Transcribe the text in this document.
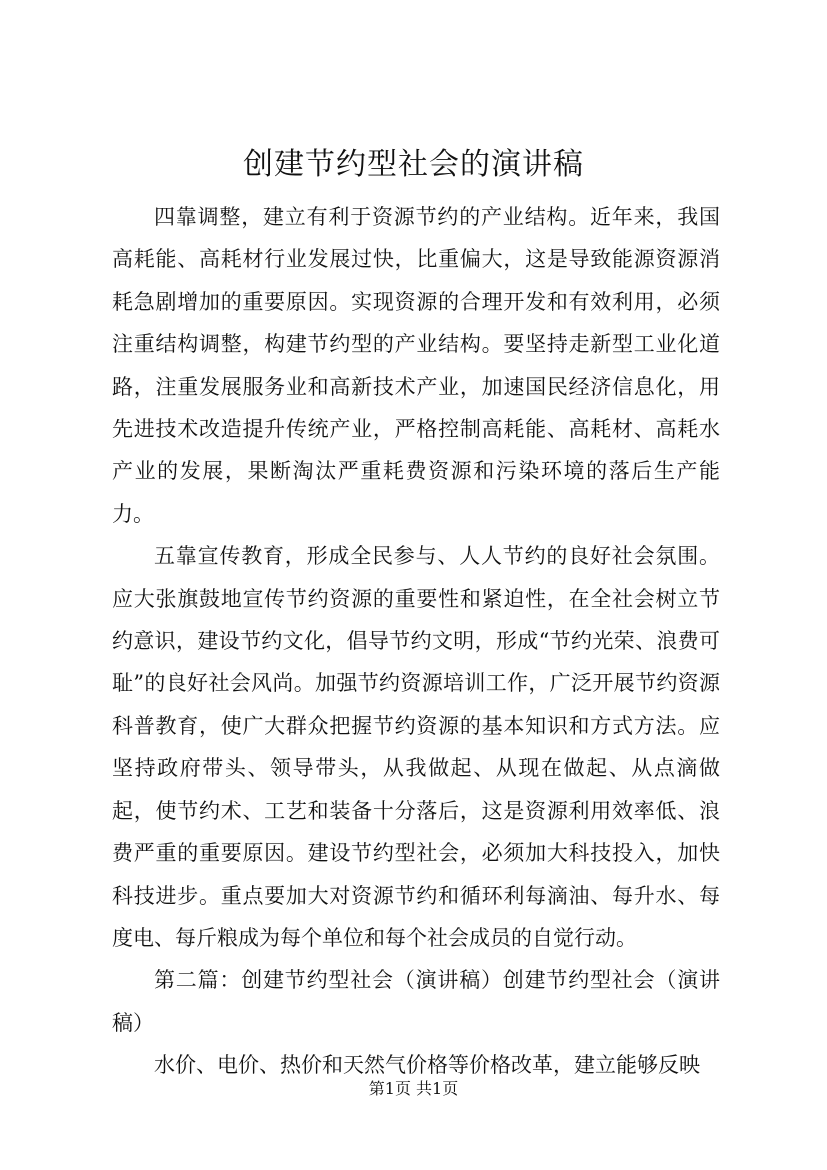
创建节约型社会的演讲稿

四靠调整，建立有利于资源节约的产业结构。近年来，我国高耗能、高耗材行业发展过快，比重偏大，这是导致能源资源消耗急剧增加的重要原因。实现资源的合理开发和有效利用，必须注重结构调整，构建节约型的产业结构。要坚持走新型工业化道路，注重发展服务业和高新技术产业，加速国民经济信息化，用先进技术改造提升传统产业，严格控制高耗能、高耗材、高耗水产业的发展，果断淘汰严重耗费资源和污染环境的落后生产能力。

五靠宣传教育，形成全民参与、人人节约的良好社会氛围。应大张旗鼓地宣传节约资源的重要性和紧迫性，在全社会树立节约意识，建设节约文化，倡导节约文明，形成“节约光荣、浪费可耻”的良好社会风尚。加强节约资源培训工作，广泛开展节约资源科普教育，使广大群众把握节约资源的基本知识和方式方法。应坚持政府带头、领导带头，从我做起、从现在做起、从点滴做起，使节约术、工艺和装备十分落后，这是资源利用效率低、浪费严重的重要原因。建设节约型社会，必须加大科技投入，加快科技进步。重点要加大对资源节约和循环利每滴油、每升水、每度电、每斤粮成为每个单位和每个社会成员的自觉行动。

第二篇：创建节约型社会（演讲稿）创建节约型社会（演讲稿）

水价、电价、热价和天然气价格等价格改革，建立能够反映

第1页 共1页
